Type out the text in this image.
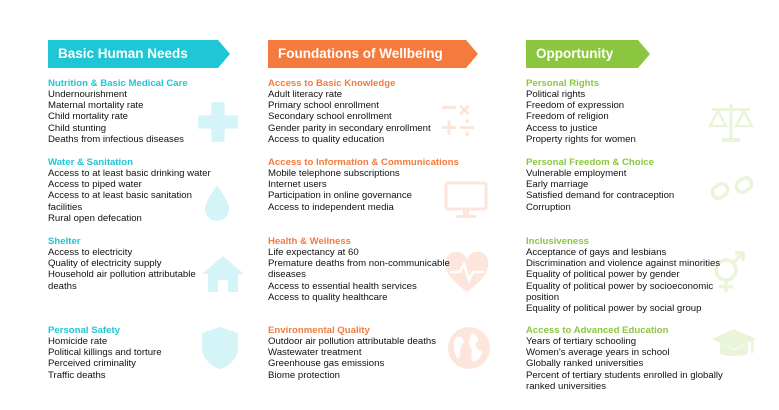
Basic Human Needs
Nutrition & Basic Medical Care
Undernourishment
Maternal mortality rate
Child mortality rate
Child stunting
Deaths from infectious diseases
Water & Sanitation
Access to at least basic drinking water
Access to piped water
Access to at least basic sanitation
facilities
Rural open defecation
Shelter
Access to electricity
Quality of electricity supply
Household air pollution attributable
deaths
Personal Safety
Homicide rate
Political killings and torture
Perceived criminality
Traffic deaths
Foundations of Wellbeing
Access to Basic Knowledge
Adult literacy rate
Primary school enrollment
Secondary school enrollment
Gender parity in secondary enrollment
Access to quality education
Access to Information & Communications
Mobile telephone subscriptions
Internet users
Participation in online governance
Access to independent media
Health & Wellness
Life expectancy at 60
Premature deaths from non-communicable
diseases
Access to essential health services
Access to quality healthcare
Environmental Quality
Outdoor air pollution attributable deaths
Wastewater treatment
Greenhouse gas emissions
Biome protection
Opportunity
Personal Rights
Political rights
Freedom of expression
Freedom of religion
Access to justice
Property rights for women
Personal Freedom & Choice
Vulnerable employment
Early marriage
Satisfied demand for contraception
Corruption
Inclusiveness
Acceptance of gays and lesbians
Discrimination and violence against minorities
Equality of political power by gender
Equality of political power by socioeconomic
position
Equality of political power by social group
Access to Advanced Education
Years of tertiary schooling
Women's average years in school
Globally ranked universities
Percent of tertiary students enrolled in globally
ranked universities
